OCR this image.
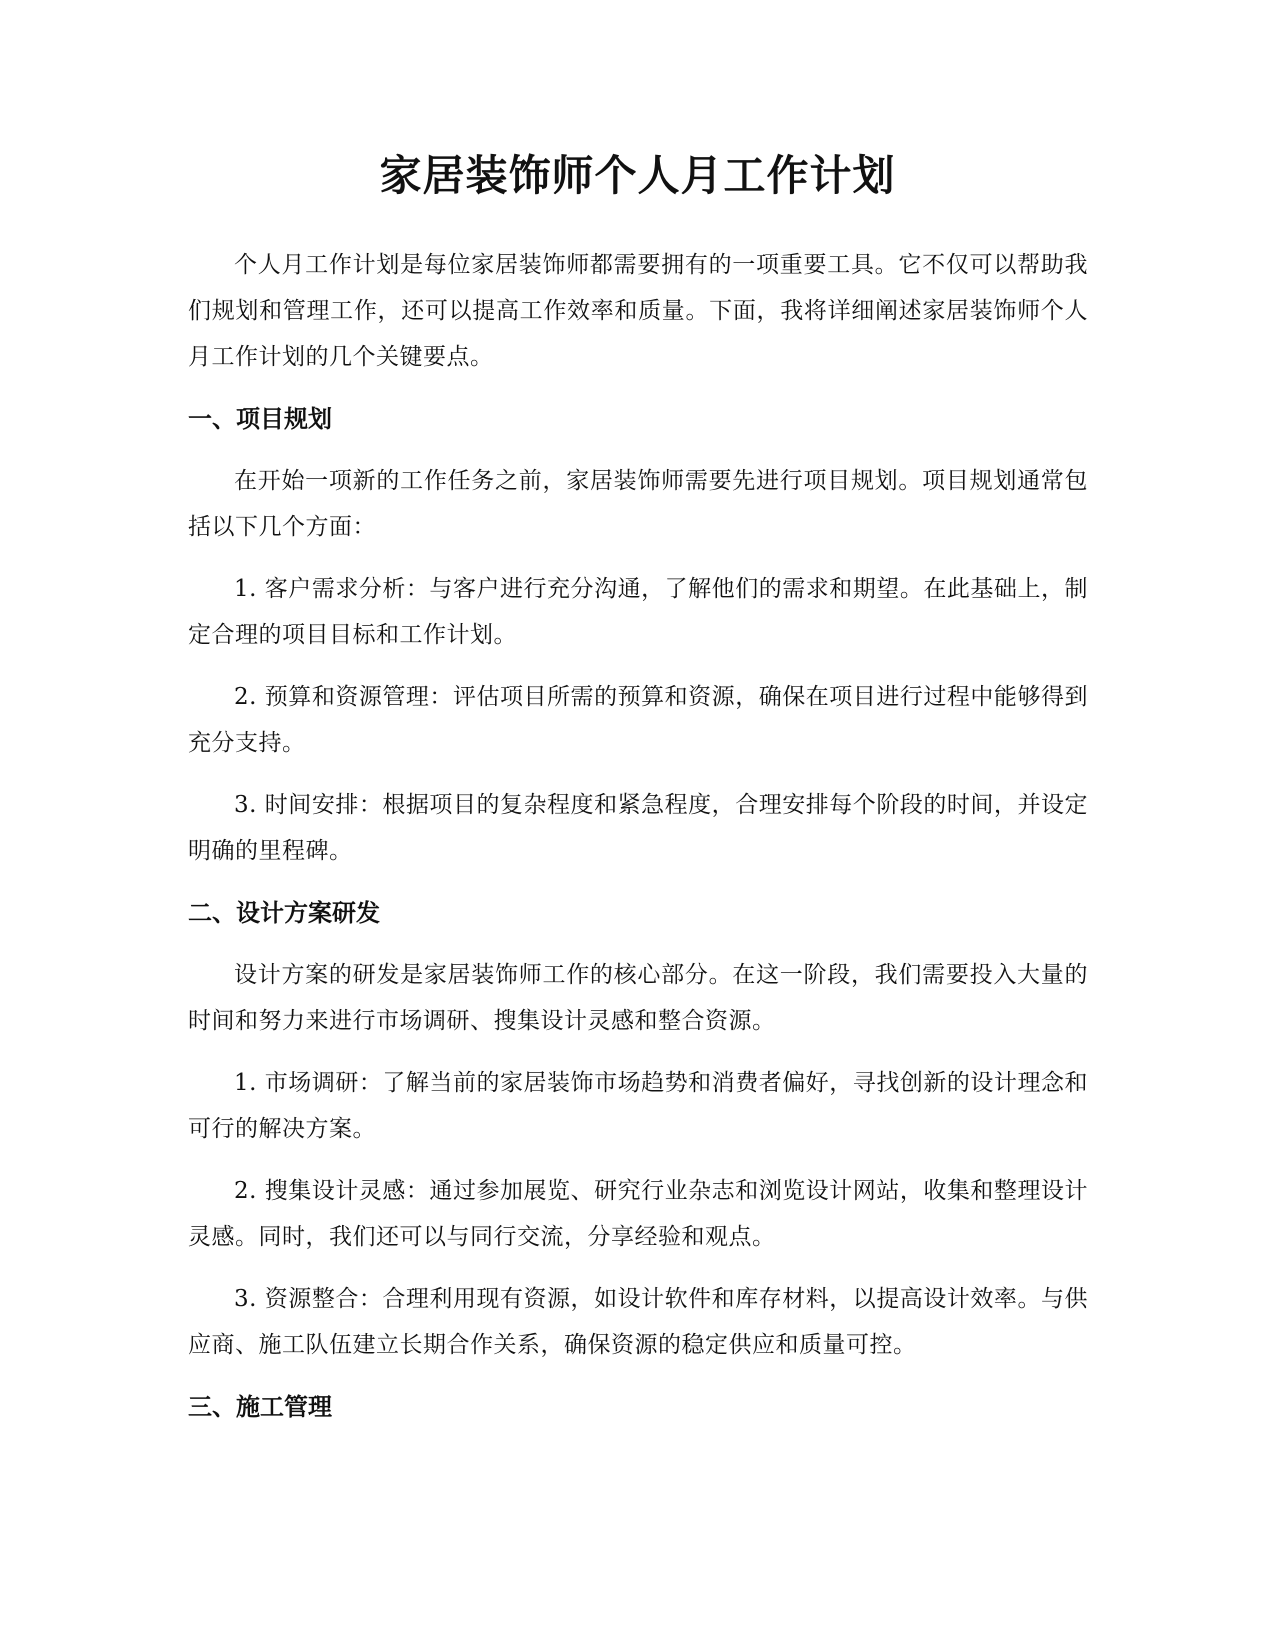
家居装饰师个人月工作计划

个人月工作计划是每位家居装饰师都需要拥有的一项重要工具。它不仅可以帮助我们规划和管理工作，还可以提高工作效率和质量。下面，我将详细阐述家居装饰师个人月工作计划的几个关键要点。

一、项目规划

在开始一项新的工作任务之前，家居装饰师需要先进行项目规划。项目规划通常包括以下几个方面：

1. 客户需求分析：与客户进行充分沟通，了解他们的需求和期望。在此基础上，制定合理的项目目标和工作计划。

2. 预算和资源管理：评估项目所需的预算和资源，确保在项目进行过程中能够得到充分支持。

3. 时间安排：根据项目的复杂程度和紧急程度，合理安排每个阶段的时间，并设定明确的里程碑。

二、设计方案研发

设计方案的研发是家居装饰师工作的核心部分。在这一阶段，我们需要投入大量的时间和努力来进行市场调研、搜集设计灵感和整合资源。

1. 市场调研：了解当前的家居装饰市场趋势和消费者偏好，寻找创新的设计理念和可行的解决方案。

2. 搜集设计灵感：通过参加展览、研究行业杂志和浏览设计网站，收集和整理设计灵感。同时，我们还可以与同行交流，分享经验和观点。

3. 资源整合：合理利用现有资源，如设计软件和库存材料，以提高设计效率。与供应商、施工队伍建立长期合作关系，确保资源的稳定供应和质量可控。

三、施工管理
